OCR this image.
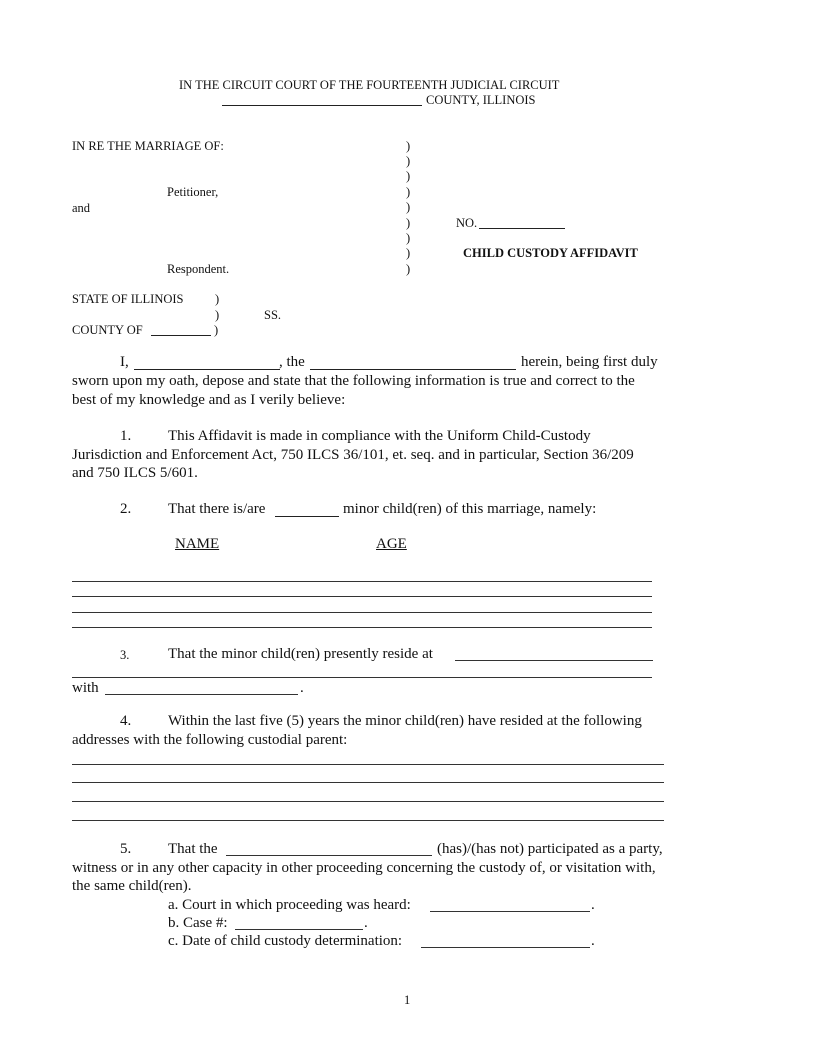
IN THE CIRCUIT COURT OF THE FOURTEENTH JUDICIAL CIRCUIT
COUNTY, ILLINOIS
IN RE THE MARRIAGE OF:
Petitioner,
and
Respondent.
)
)
)
)
)
)
)
)
)
NO.
CHILD CUSTODY AFFIDAVIT
STATE OF ILLINOIS	)
)	SS.
COUNTY OF	)
I,	, the	herein, being first duly
sworn upon my oath, depose and state that the following information is true and correct to the
best of my knowledge and as I verily believe:
1. This Affidavit is made in compliance with the Uniform Child-Custody
Jurisdiction and Enforcement Act, 750 ILCS 36/101, et. seq. and in particular, Section 36/209
and 750 ILCS 5/601.
2. That there is/are	minor child(ren) of this marriage, namely:
NAME	AGE
3.	That the minor child(ren) presently reside at
with	.
4. Within the last five (5) years the minor child(ren) have resided at the following
addresses with the following custodial parent:
5. That the	(has)/(has not) participated as a party,
witness or in any other capacity in other proceeding concerning the custody of, or visitation with,
the same child(ren).
a. Court in which proceeding was heard:	.
b. Case #:	.
c. Date of child custody determination:	.
1
